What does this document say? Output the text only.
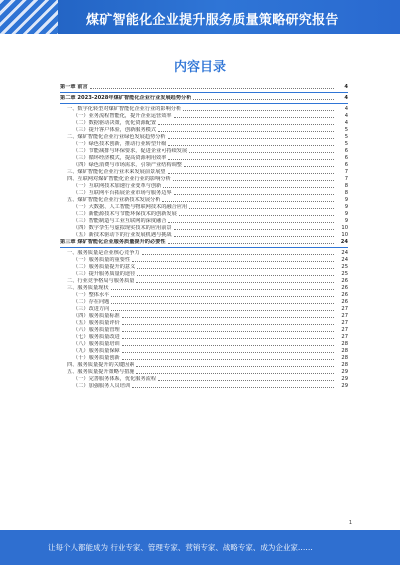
煤矿智能化企业提升服务质量策略研究报告
内容目录
第一章 前言	4
第二章 2023-2028年煤矿智能化企业行业发展趋势分析	4
一、数字化转型对煤矿智能化企业行业的影响分析	4
（一）业务流程智能化，提升企业运营效率	4
（二）数据驱动决策，优化资源配置	4
（三）提升客户体验，创新服务模式	5
二、煤矿智能化企业行业绿色发展趋势分析	5
（一）绿色技术创新，推动行业转型升级	5
（二）节能减排与环保要求，促进企业可持续发展	6
（三）循环经济模式，提高资源利用效率	6
（四）绿色消费与市场需求，引领产业结构调整	6
三、煤矿智能化企业行业未来发展前景展望	7
四、互联网对煤矿智能化企业行业的影响分析	7
（一）互联网技术加速行业变革与创新	8
（二）互联网平台拓展企业市场与服务边界	8
五、煤矿智能化企业行业新技术发展分析	9
（一）大数据、人工智能与物联网技术的融合应用	9
（二）新能源技术与节能环保技术的创新发展	9
（三）智能制造与工业互联网的深度融合	9
（四）数字孪生与虚拟现实技术的应用前景	10
（五）新技术驱动下的行业发展机遇与挑战	10
第三章 煤矿智能化企业服务质量提升的必要性	24
一、服务质量是企业核心竞争力	24
（一）服务质量的重要性	24
（二）服务质量提升的意义	25
（三）提升服务质量的途径	25
二、行业竞争格局与服务质量	26
三、服务质量现状	26
（一）整体水平	26
（二）存在问题	26
（三）改进方向	27
（四）服务质量标准	27
（五）服务质量评价	27
（六）服务质量管理	27
（七）服务质量改进	27
（八）服务质量培训	28
（九）服务质量保障	28
（十）服务质量创新	28
四、服务质量提升的关键因素	28
五、服务质量提升策略与措施	29
（一）完善服务体系，优化服务流程	29
（二）加强服务人员培训	29
1
让每个人都能成为 行业专家、管理专家、营销专家、战略专家、成为企业家……
